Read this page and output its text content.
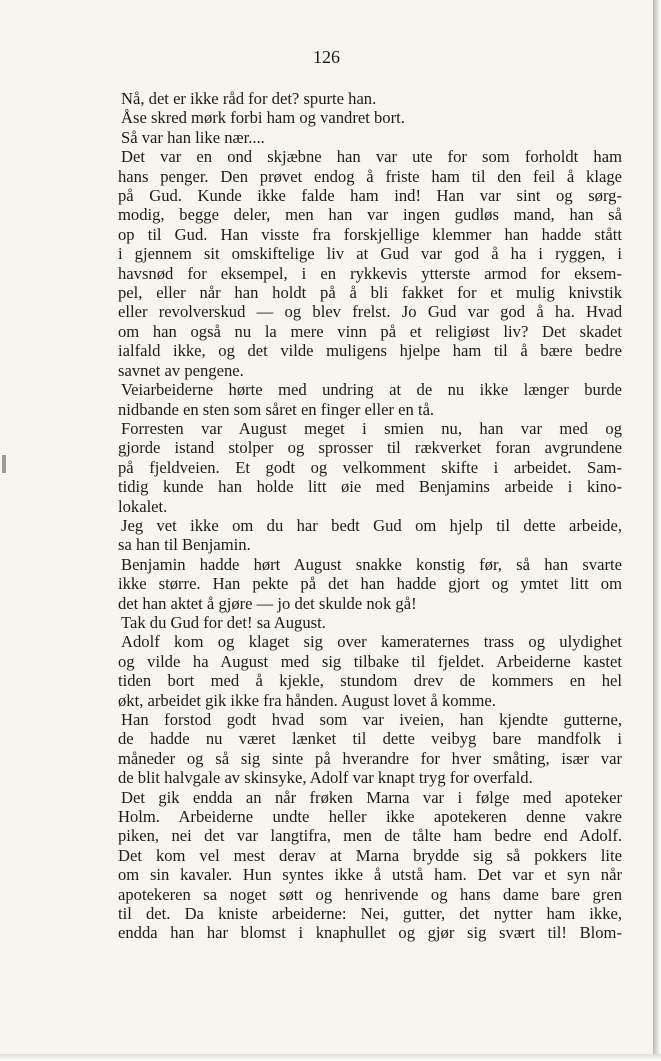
126
Nå, det er ikke råd for det? spurte han.
Åse skred mørk forbi ham og vandret bort.
Så var han like nær....
Det var en ond skjæbne han var ute for som forholdt ham
hans penger. Den prøvet endog å friste ham til den feil å klage
på Gud. Kunde ikke falde ham ind! Han var sint og sørg-
modig, begge deler, men han var ingen gudløs mand, han så
op til Gud. Han visste fra forskjellige klemmer han hadde stått
i gjennem sit omskiftelige liv at Gud var god å ha i ryggen, i
havsnød for eksempel, i en rykkevis ytterste armod for eksem-
pel, eller når han holdt på å bli fakket for et mulig knivstik
eller revolverskud — og blev frelst. Jo Gud var god å ha. Hvad
om han også nu la mere vinn på et religiøst liv? Det skadet
ialfald ikke, og det vilde muligens hjelpe ham til å bære bedre
savnet av pengene.
Veiarbeiderne hørte med undring at de nu ikke længer burde
nidbande en sten som såret en finger eller en tå.
Forresten var August meget i smien nu, han var med og
gjorde istand stolper og sprosser til rækverket foran avgrundene
på fjeldveien. Et godt og velkomment skifte i arbeidet. Sam-
tidig kunde han holde litt øie med Benjamins arbeide i kino-
lokalet.
Jeg vet ikke om du har bedt Gud om hjelp til dette arbeide,
sa han til Benjamin.
Benjamin hadde hørt August snakke konstig før, så han svarte
ikke større. Han pekte på det han hadde gjort og ymtet litt om
det han aktet å gjøre — jo det skulde nok gå!
Tak du Gud for det! sa August.
Adolf kom og klaget sig over kameraternes trass og ulydighet
og vilde ha August med sig tilbake til fjeldet. Arbeiderne kastet
tiden bort med å kjekle, stundom drev de kommers en hel
økt, arbeidet gik ikke fra hånden. August lovet å komme.
Han forstod godt hvad som var iveien, han kjendte gutterne,
de hadde nu været lænket til dette veibyg bare mandfolk i
måneder og så sig sinte på hverandre for hver småting, især var
de blit halvgale av skinsyke, Adolf var knapt tryg for overfald.
Det gik endda an når frøken Marna var i følge med apoteker
Holm. Arbeiderne undte heller ikke apotekeren denne vakre
piken, nei det var langtifra, men de tålte ham bedre end Adolf.
Det kom vel mest derav at Marna brydde sig så pokkers lite
om sin kavaler. Hun syntes ikke å utstå ham. Det var et syn når
apotekeren sa noget søtt og henrivende og hans dame bare gren
til det. Da kniste arbeiderne: Nei, gutter, det nytter ham ikke,
endda han har blomst i knaphullet og gjør sig svært til! Blom-
